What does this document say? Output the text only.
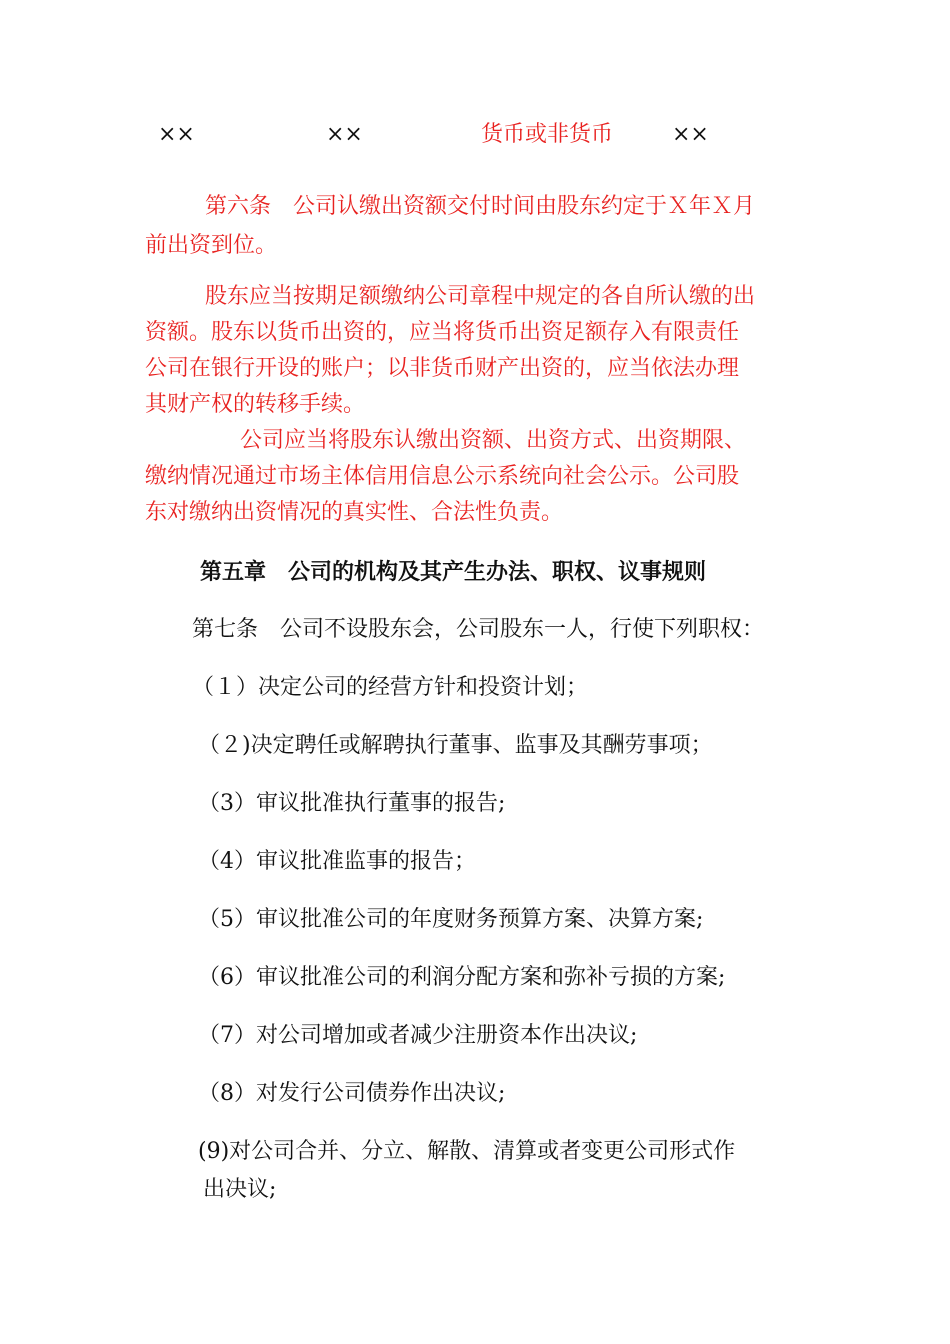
××	××	货币或非货币	××
第六条　公司认缴出资额交付时间由股东约定于Ｘ年Ｘ月
前出资到位。
股东应当按期足额缴纳公司章程中规定的各自所认缴的出
资额。股东以货币出资的，应当将货币出资足额存入有限责任
公司在银行开设的账户；以非货币财产出资的，应当依法办理
其财产权的转移手续。
公司应当将股东认缴出资额、出资方式、出资期限、
缴纳情况通过市场主体信用信息公示系统向社会公示。公司股
东对缴纳出资情况的真实性、合法性负责。
第五章　公司的机构及其产生办法、职权、议事规则
第七条　公司不设股东会，公司股东一人，行使下列职权：
（１）决定公司的经营方针和投资计划；
（２)决定聘任或解聘执行董事、监事及其酬劳事项；
（3）审议批准执行董事的报告;
（4）审议批准监事的报告；
（5）审议批准公司的年度财务预算方案、决算方案;
（6）审议批准公司的利润分配方案和弥补亏损的方案;
（7）对公司增加或者减少注册资本作出决议;
（8）对发行公司债券作出决议;
(9)对公司合并、分立、解散、清算或者变更公司形式作
出决议;
